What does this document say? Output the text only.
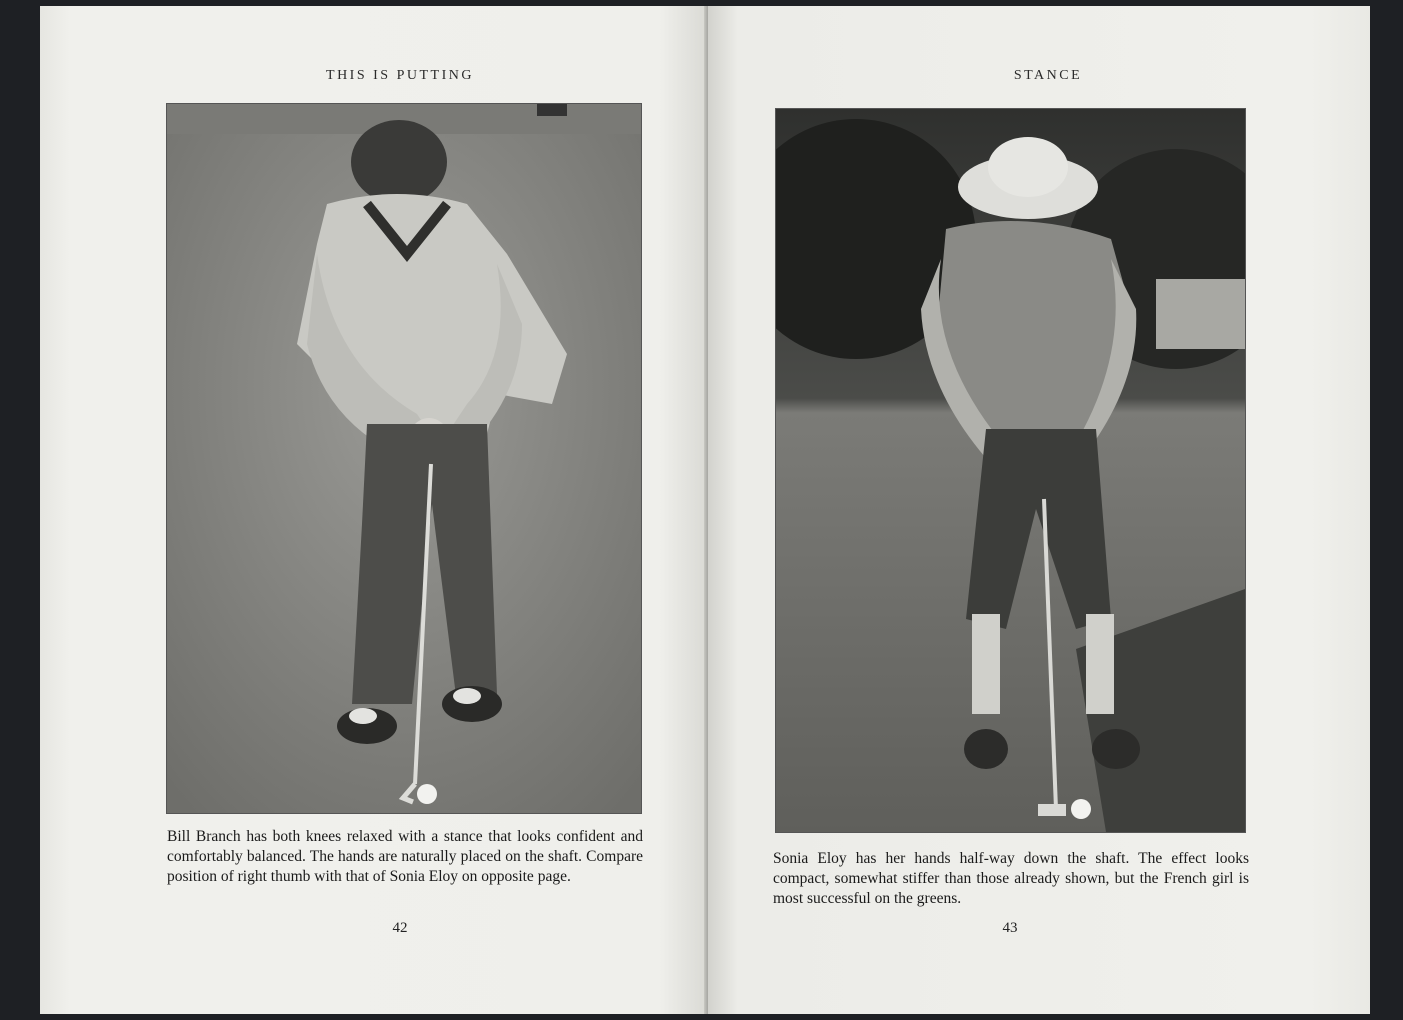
THIS IS PUTTING

Bill Branch has both knees relaxed with a stance that looks confident and comfortably balanced. The hands are naturally placed on the shaft. Compare position of right thumb with that of Sonia Eloy on opposite page.

42
STANCE

Sonia Eloy has her hands half-way down the shaft. The effect looks compact, somewhat stiffer than those already shown, but the French girl is most successful on the greens.

43
